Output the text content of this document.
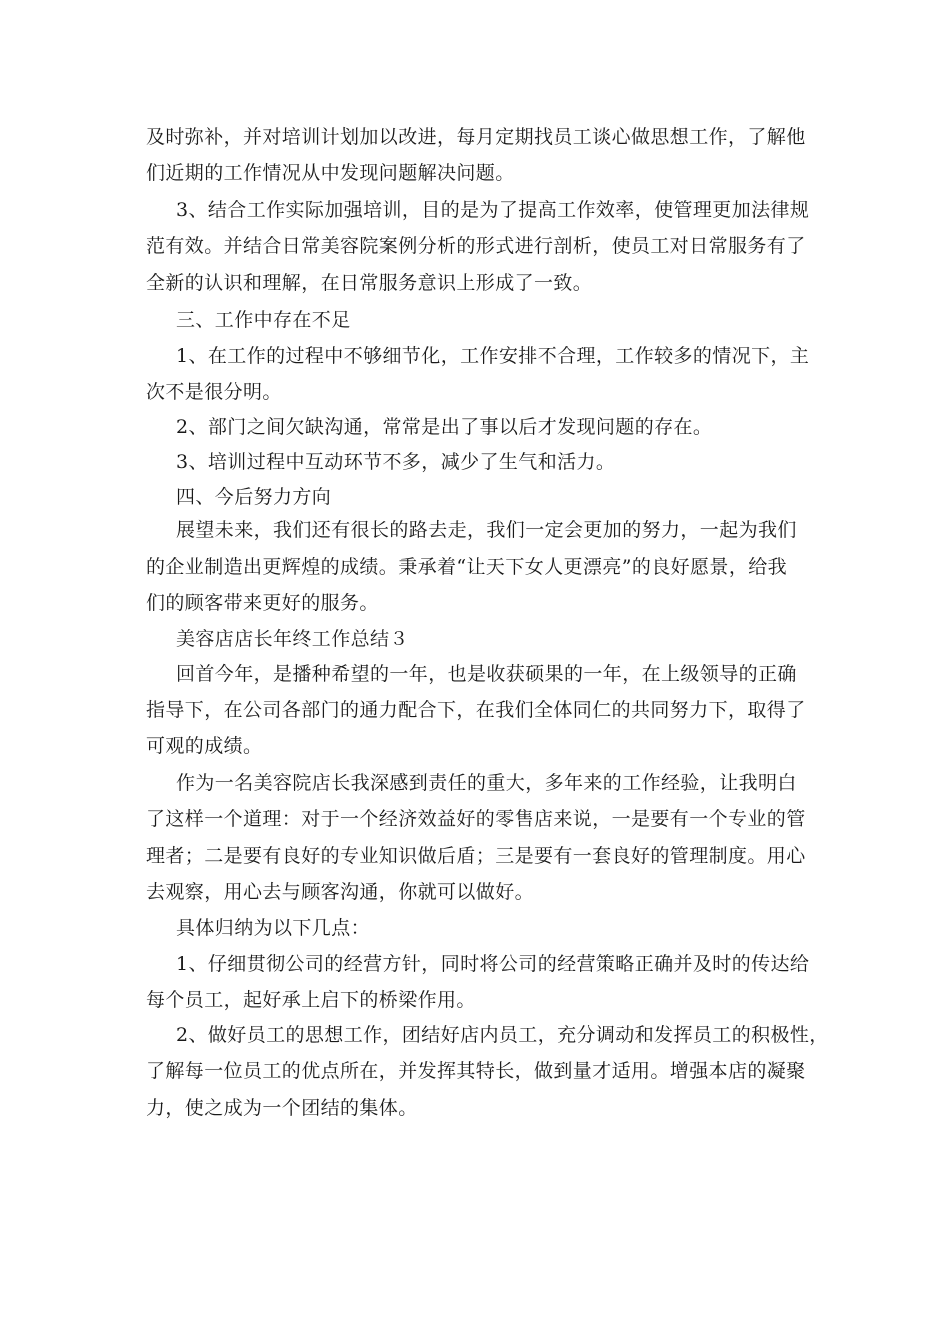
及时弥补，并对培训计划加以改进，每月定期找员工谈心做思想工作，了解他
们近期的工作情况从中发现问题解决问题。
3、结合工作实际加强培训，目的是为了提高工作效率，使管理更加法律规
范有效。并结合日常美容院案例分析的形式进行剖析，使员工对日常服务有了
全新的认识和理解，在日常服务意识上形成了一致。
三、工作中存在不足
1、在工作的过程中不够细节化，工作安排不合理，工作较多的情况下，主
次不是很分明。
2、部门之间欠缺沟通，常常是出了事以后才发现问题的存在。
3、培训过程中互动环节不多，减少了生气和活力。
四、今后努力方向
展望未来，我们还有很长的路去走，我们一定会更加的努力，一起为我们
的企业制造出更辉煌的成绩。秉承着“让天下女人更漂亮”的良好愿景，给我
们的顾客带来更好的服务。
美容店店长年终工作总结３
回首今年，是播种希望的一年，也是收获硕果的一年，在上级领导的正确
指导下，在公司各部门的通力配合下，在我们全体同仁的共同努力下，取得了
可观的成绩。
作为一名美容院店长我深感到责任的重大，多年来的工作经验，让我明白
了这样一个道理：对于一个经济效益好的零售店来说，一是要有一个专业的管
理者；二是要有良好的专业知识做后盾；三是要有一套良好的管理制度。用心
去观察，用心去与顾客沟通，你就可以做好。
具体归纳为以下几点：
1、仔细贯彻公司的经营方针，同时将公司的经营策略正确并及时的传达给
每个员工，起好承上启下的桥梁作用。
2、做好员工的思想工作，团结好店内员工，充分调动和发挥员工的积极性，
了解每一位员工的优点所在，并发挥其特长，做到量才适用。增强本店的凝聚
力，使之成为一个团结的集体。
